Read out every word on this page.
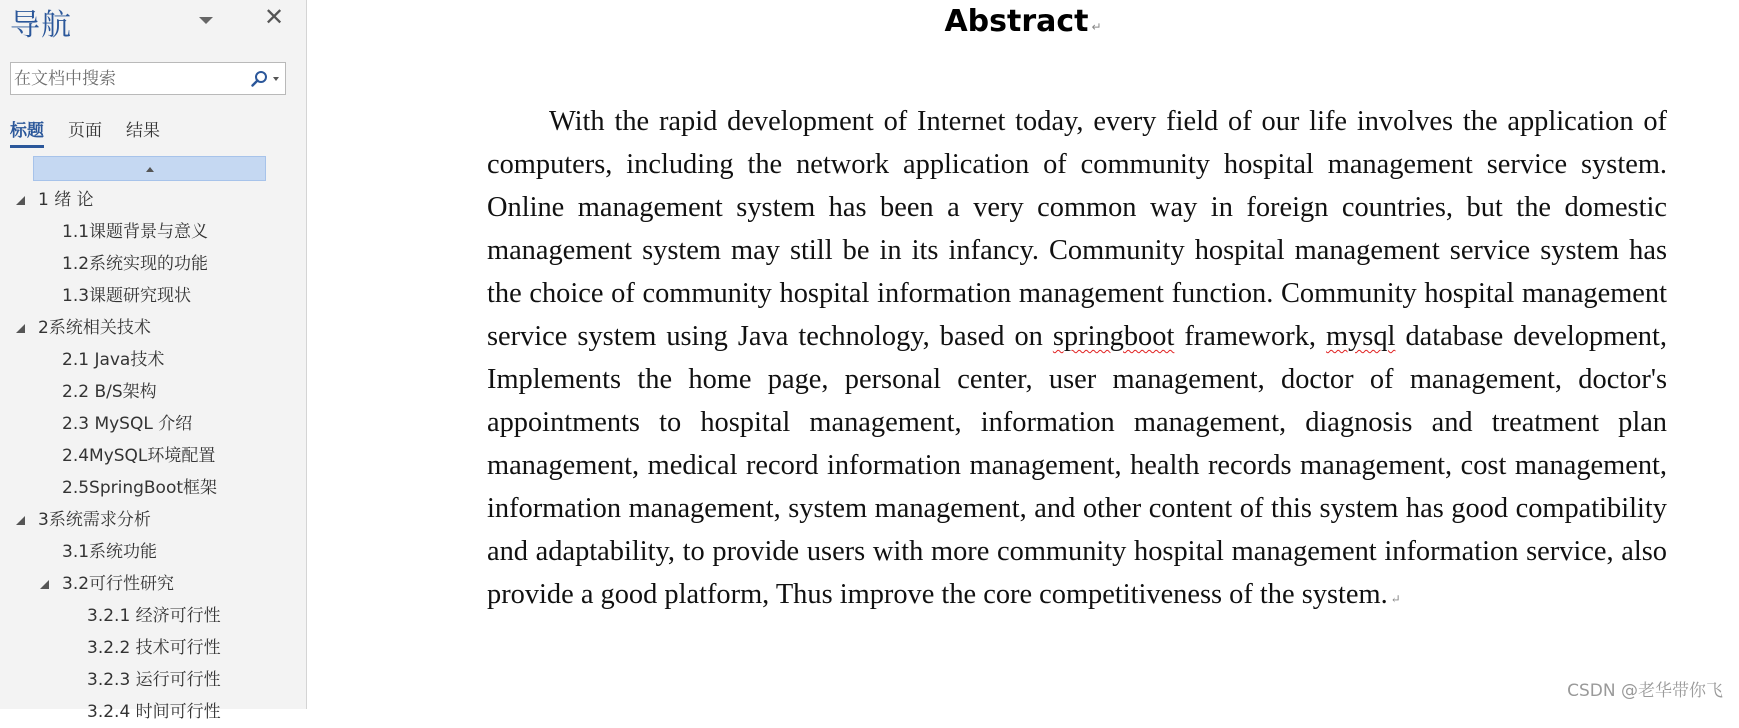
导航	✕
在文档中搜索
标题 页面 结果
1 绪 论
1.1课题背景与意义
1.2系统实现的功能
1.3课题研究现状
2系统相关技术
2.1 Java技术
2.2 B/S架构
2.3 MySQL 介绍
2.4MySQL环境配置
2.5SpringBoot框架
3系统需求分析
3.1系统功能
3.2可行性研究
3.2.1 经济可行性
3.2.2 技术可行性
3.2.3 运行可行性
3.2.4 时间可行性
Abstract ↵

With the rapid development of Internet today, every field of our life involves the application of computers, including the network application of community hospital management service system. Online management system has been a very common way in foreign countries, but the domestic management system may still be in its infancy. Community hospital management service system has the choice of community hospital information management function. Community hospital management service system using Java technology, based on springboot framework, mysql database development, Implements the home page, personal center, user management, doctor of management, doctor's appointments to hospital management, information management, diagnosis and treatment plan management, medical record information management, health records management, cost management, information management, system management, and other content of this system has good compatibility and adaptability, to provide users with more community hospital management information service, also provide a good platform, Thus improve the core competitiveness of the system. ↵

CSDN @老华带你飞
